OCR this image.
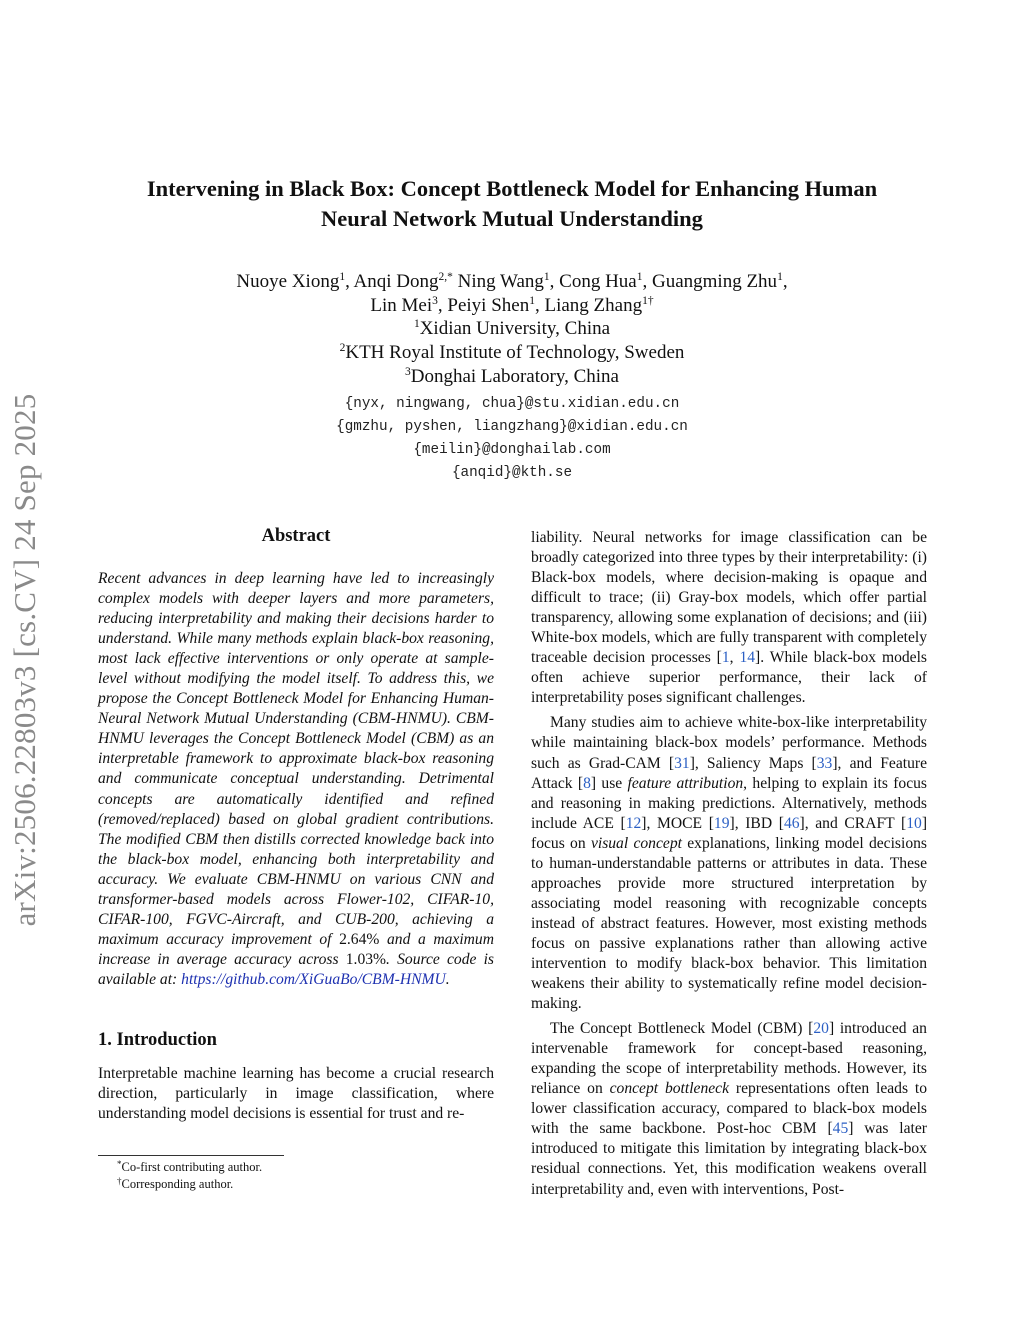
arXiv:2506.22803v3 [cs.CV] 24 Sep 2025
Intervening in Black Box: Concept Bottleneck Model for Enhancing Human
Neural Network Mutual Understanding
Nuoye Xiong$^1$, Anqi Dong$^{2,*}$ Ning Wang$^1$, Cong Hua$^1$, Guangming Zhu$^1$,
Lin Mei$^3$, Peiyi Shen$^1$, Liang Zhang$^{1\dagger}$
$^1$Xidian University, China
$^2$KTH Royal Institute of Technology, Sweden
$^3$Donghai Laboratory, China
{nyx, ningwang, chua}@stu.xidian.edu.cn
{gmzhu, pyshen, liangzhang}@xidian.edu.cn
{meilin}@donghailab.com
{anqid}@kth.se
Abstract

Recent advances in deep learning have led to increasingly complex models with deeper layers and more parameters, reducing interpretability and making their decisions harder to understand. While many methods explain black-box reasoning, most lack effective interventions or only operate at sample-level without modifying the model itself. To address this, we propose the Concept Bottleneck Model for Enhancing Human-Neural Network Mutual Understanding (CBM-HNMU). CBM-HNMU leverages the Concept Bottleneck Model (CBM) as an interpretable framework to approximate black-box reasoning and communicate conceptual understanding. Detrimental concepts are automatically identified and refined (removed/replaced) based on global gradient contributions. The modified CBM then distills corrected knowledge back into the black-box model, enhancing both interpretability and accuracy. We evaluate CBM-HNMU on various CNN and transformer-based models across Flower-102, CIFAR-10, CIFAR-100, FGVC-Aircraft, and CUB-200, achieving a maximum accuracy improvement of 2.64% and a maximum increase in average accuracy across 1.03%. Source code is available at: https://github.com/XiGuaBo/CBM-HNMU.

1. Introduction

Interpretable machine learning has become a crucial research direction, particularly in image classification, where understanding model decisions is essential for trust and re-

*Co-first contributing author.
†Corresponding author.

liability. Neural networks for image classification can be broadly categorized into three types by their interpretability: (i) Black-box models, where decision-making is opaque and difficult to trace; (ii) Gray-box models, which offer partial transparency, allowing some explanation of decisions; and (iii) White-box models, which are fully transparent with completely traceable decision processes [1, 14]. While black-box models often achieve superior performance, their lack of interpretability poses significant challenges.

Many studies aim to achieve white-box-like interpretability while maintaining black-box models’ performance. Methods such as Grad-CAM [31], Saliency Maps [33], and Feature Attack [8] use feature attribution, helping to explain its focus and reasoning in making predictions. Alternatively, methods include ACE [12], MOCE [19], IBD [46], and CRAFT [10] focus on visual concept explanations, linking model decisions to human-understandable patterns or attributes in data. These approaches provide more structured interpretation by associating model reasoning with recognizable concepts instead of abstract features. However, most existing methods focus on passive explanations rather than allowing active intervention to modify black-box behavior. This limitation weakens their ability to systematically refine model decision-making.

The Concept Bottleneck Model (CBM) [20] introduced an intervenable framework for concept-based reasoning, expanding the scope of interpretability methods. However, its reliance on concept bottleneck representations often leads to lower classification accuracy, compared to black-box models with the same backbone. Post-hoc CBM [45] was later introduced to mitigate this limitation by integrating black-box residual connections. Yet, this modification weakens overall interpretability and, even with interventions, Post-
